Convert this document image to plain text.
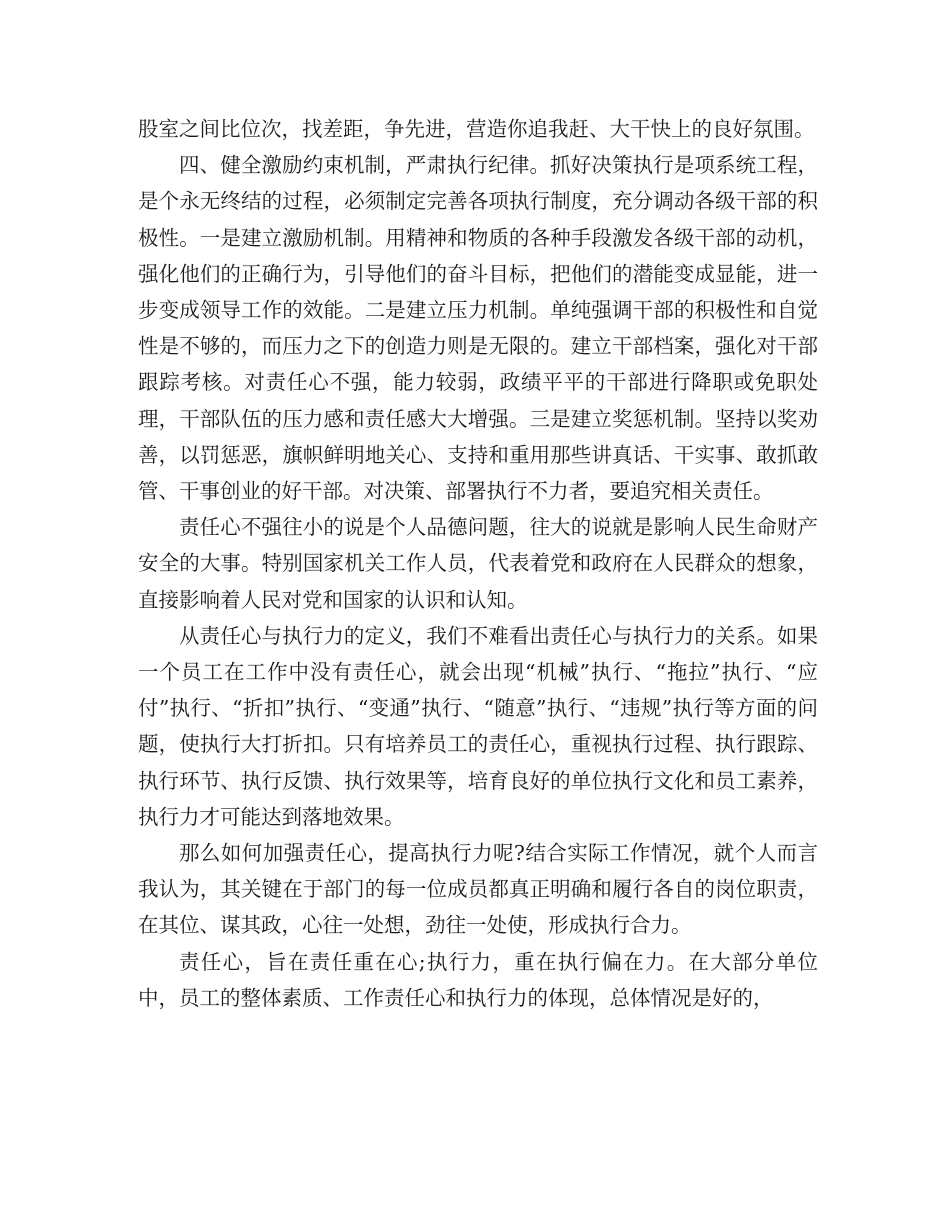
股室之间比位次，找差距，争先进，营造你追我赶、大干快上的良好氛围。

四、健全激励约束机制，严肃执行纪律。抓好决策执行是项系统工程，是个永无终结的过程，必须制定完善各项执行制度，充分调动各级干部的积极性。一是建立激励机制。用精神和物质的各种手段激发各级干部的动机，强化他们的正确行为，引导他们的奋斗目标，把他们的潜能变成显能，进一步变成领导工作的效能。二是建立压力机制。单纯强调干部的积极性和自觉性是不够的，而压力之下的创造力则是无限的。建立干部档案，强化对干部跟踪考核。对责任心不强，能力较弱，政绩平平的干部进行降职或免职处理，干部队伍的压力感和责任感大大增强。三是建立奖惩机制。坚持以奖劝善，以罚惩恶，旗帜鲜明地关心、支持和重用那些讲真话、干实事、敢抓敢管、干事创业的好干部。对决策、部署执行不力者，要追究相关责任。

责任心不强往小的说是个人品德问题，往大的说就是影响人民生命财产安全的大事。特别国家机关工作人员，代表着党和政府在人民群众的想象，直接影响着人民对党和国家的认识和认知。

从责任心与执行力的定义，我们不难看出责任心与执行力的关系。如果一个员工在工作中没有责任心，就会出现“机械”执行、“拖拉”执行、“应付”执行、“折扣”执行、“变通”执行、“随意”执行、“违规”执行等方面的问题，使执行大打折扣。只有培养员工的责任心，重视执行过程、执行跟踪、执行环节、执行反馈、执行效果等，培育良好的单位执行文化和员工素养，执行力才可能达到落地效果。

那么如何加强责任心，提高执行力呢?结合实际工作情况，就个人而言我认为，其关键在于部门的每一位成员都真正明确和履行各自的岗位职责，在其位、谋其政，心往一处想，劲往一处使，形成执行合力。

责任心，旨在责任重在心;执行力，重在执行偏在力。在大部分单位中，员工的整体素质、工作责任心和执行力的体现，总体情况是好的，
